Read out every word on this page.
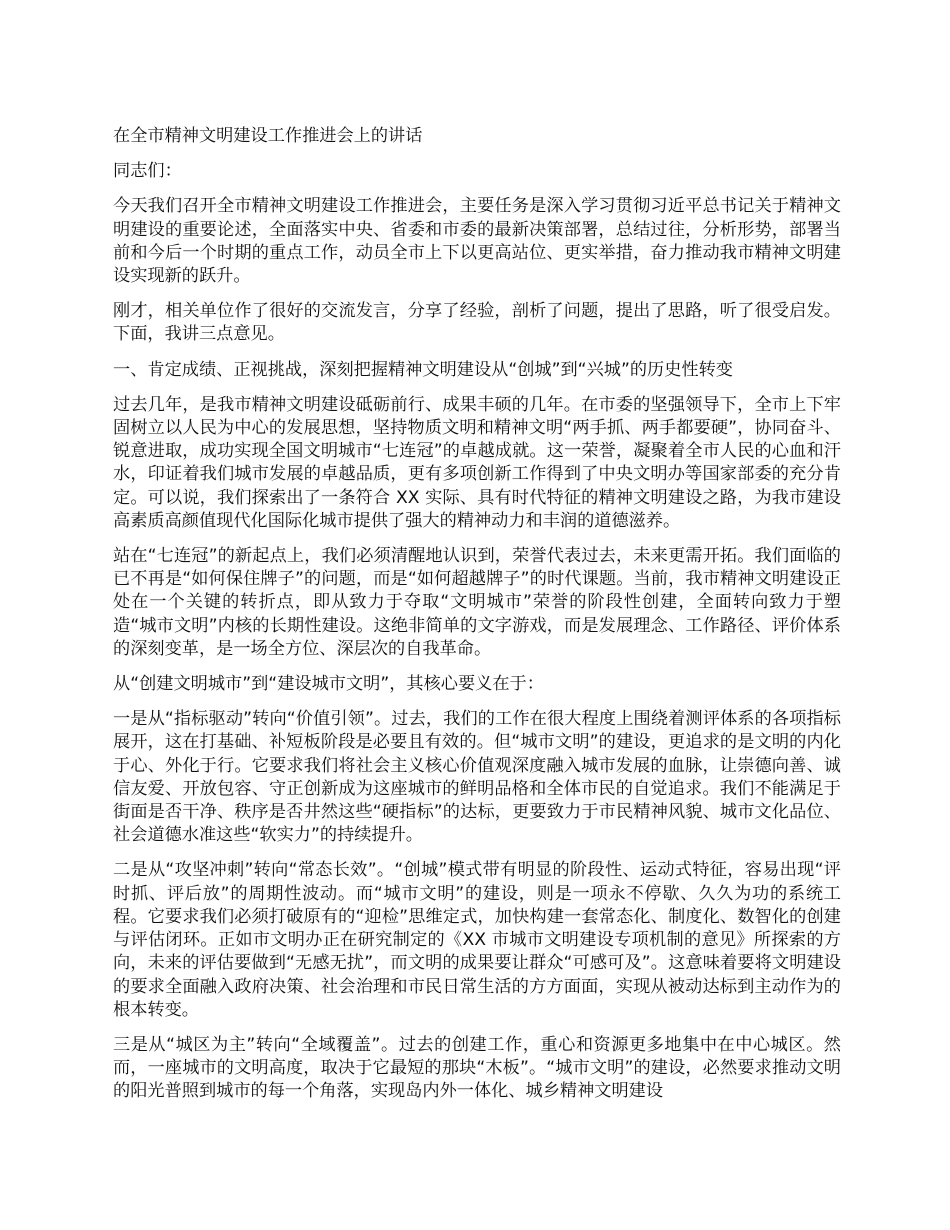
在全市精神文明建设工作推进会上的讲话

同志们：

今天我们召开全市精神文明建设工作推进会，主要任务是深入学习贯彻习近平总书记关于精神文明建设的重要论述，全面落实中央、省委和市委的最新决策部署，总结过往，分析形势，部署当前和今后一个时期的重点工作，动员全市上下以更高站位、更实举措，奋力推动我市精神文明建设实现新的跃升。

刚才，相关单位作了很好的交流发言，分享了经验，剖析了问题，提出了思路，听了很受启发。下面，我讲三点意见。

一、肯定成绩、正视挑战，深刻把握精神文明建设从“创城”到“兴城”的历史性转变

过去几年，是我市精神文明建设砥砺前行、成果丰硕的几年。在市委的坚强领导下，全市上下牢固树立以人民为中心的发展思想，坚持物质文明和精神文明“两手抓、两手都要硬”，协同奋斗、锐意进取，成功实现全国文明城市“七连冠”的卓越成就。这一荣誉，凝聚着全市人民的心血和汗水，印证着我们城市发展的卓越品质，更有多项创新工作得到了中央文明办等国家部委的充分肯定。可以说，我们探索出了一条符合 XX 实际、具有时代特征的精神文明建设之路，为我市建设高素质高颜值现代化国际化城市提供了强大的精神动力和丰润的道德滋养。

站在“七连冠”的新起点上，我们必须清醒地认识到，荣誉代表过去，未来更需开拓。我们面临的已不再是“如何保住牌子”的问题，而是“如何超越牌子”的时代课题。当前，我市精神文明建设正处在一个关键的转折点，即从致力于夺取“文明城市”荣誉的阶段性创建，全面转向致力于塑造“城市文明”内核的长期性建设。这绝非简单的文字游戏，而是发展理念、工作路径、评价体系的深刻变革，是一场全方位、深层次的自我革命。

从“创建文明城市”到“建设城市文明”，其核心要义在于：

一是从“指标驱动”转向“价值引领”。过去，我们的工作在很大程度上围绕着测评体系的各项指标展开，这在打基础、补短板阶段是必要且有效的。但“城市文明”的建设，更追求的是文明的内化于心、外化于行。它要求我们将社会主义核心价值观深度融入城市发展的血脉，让崇德向善、诚信友爱、开放包容、守正创新成为这座城市的鲜明品格和全体市民的自觉追求。我们不能满足于街面是否干净、秩序是否井然这些“硬指标”的达标，更要致力于市民精神风貌、城市文化品位、社会道德水准这些“软实力”的持续提升。

二是从“攻坚冲刺”转向“常态长效”。“创城”模式带有明显的阶段性、运动式特征，容易出现“评时抓、评后放”的周期性波动。而“城市文明”的建设，则是一项永不停歇、久久为功的系统工程。它要求我们必须打破原有的“迎检”思维定式，加快构建一套常态化、制度化、数智化的创建与评估闭环。正如市文明办正在研究制定的《XX 市城市文明建设专项机制的意见》所探索的方向，未来的评估要做到“无感无扰”，而文明的成果要让群众“可感可及”。这意味着要将文明建设的要求全面融入政府决策、社会治理和市民日常生活的方方面面，实现从被动达标到主动作为的根本转变。

三是从“城区为主”转向“全域覆盖”。过去的创建工作，重心和资源更多地集中在中心城区。然而，一座城市的文明高度，取决于它最短的那块“木板”。“城市文明”的建设，必然要求推动文明的阳光普照到城市的每一个角落，实现岛内外一体化、城乡精神文明建设
